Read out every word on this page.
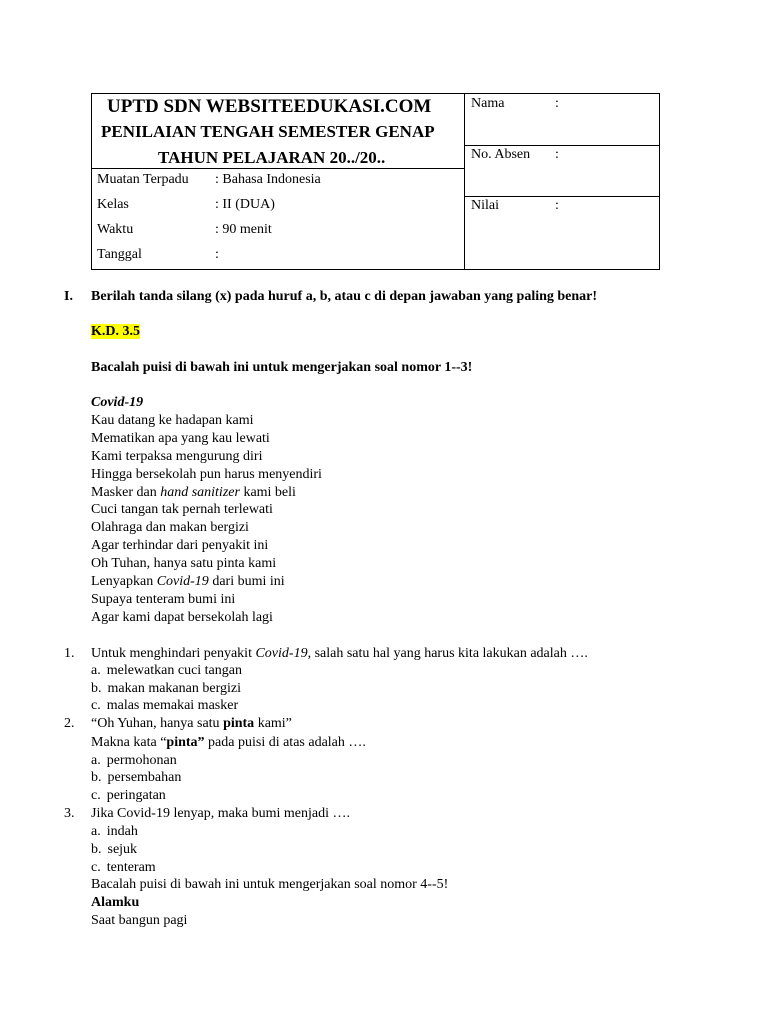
UPTD SDN WEBSITEEDUKASI.COM
PENILAIAN TENGAH SEMESTER GENAP
TAHUN PELAJARAN 20../20..
Muatan Terpadu : Bahasa Indonesia
Kelas	: II (DUA)
Waktu	: 90 menit
Tanggal	:
Nama	:
No. Absen :
Nilai	:
I. Berilah tanda silang (x) pada huruf a, b, atau c di depan jawaban yang paling benar!
K.D. 3.5
Bacalah puisi di bawah ini untuk mengerjakan soal nomor 1--3!
Covid-19
Kau datang ke hadapan kami
Mematikan apa yang kau lewati
Kami terpaksa mengurung diri
Hingga bersekolah pun harus menyendiri
Masker dan hand sanitizer kami beli
Cuci tangan tak pernah terlewati
Olahraga dan makan bergizi
Agar terhindar dari penyakit ini
Oh Tuhan, hanya satu pinta kami
Lenyapkan Covid-19 dari bumi ini
Supaya tenteram bumi ini
Agar kami dapat bersekolah lagi
1. Untuk menghindari penyakit Covid-19, salah satu hal yang harus kita lakukan adalah ….
a. melewatkan cuci tangan
b. makan makanan bergizi
c. malas memakai masker
2. “Oh Yuhan, hanya satu pinta kami”
Makna kata “pinta” pada puisi di atas adalah ….
a. permohonan
b. persembahan
c. peringatan
3. Jika Covid-19 lenyap, maka bumi menjadi ….
a. indah
b. sejuk
c. tenteram
Bacalah puisi di bawah ini untuk mengerjakan soal nomor 4--5!
Alamku
Saat bangun pagi
